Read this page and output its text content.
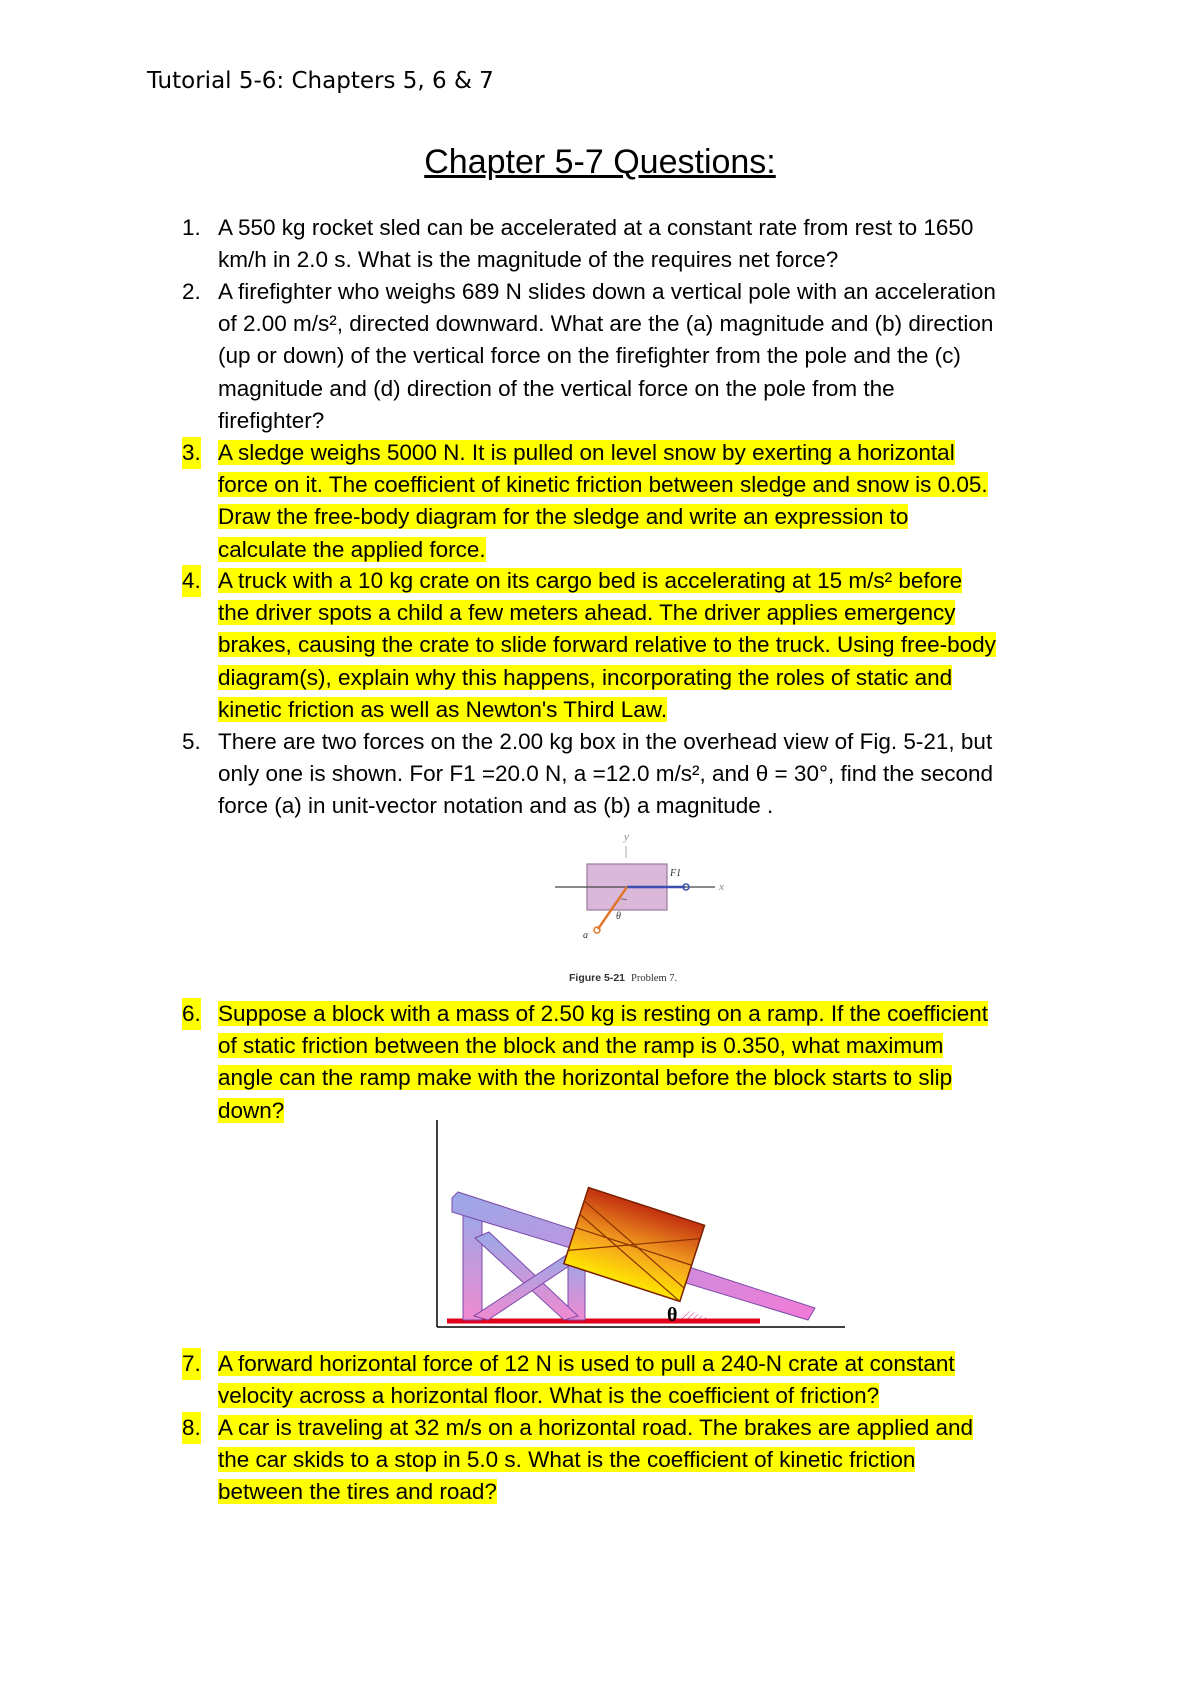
Tutorial 5-6: Chapters 5, 6 & 7
Chapter 5-7 Questions:
1. A 550 kg rocket sled can be accelerated at a constant rate from rest to 1650
km/h in 2.0 s. What is the magnitude of the requires net force?
2. A firefighter who weighs 689 N slides down a vertical pole with an acceleration
of 2.00 m/s², directed downward. What are the (a) magnitude and (b) direction
(up or down) of the vertical force on the firefighter from the pole and the (c)
magnitude and (d) direction of the vertical force on the pole from the
firefighter?
3. A sledge weighs 5000 N. It is pulled on level snow by exerting a horizontal
force on it. The coefficient of kinetic friction between sledge and snow is 0.05.
Draw the free-body diagram for the sledge and write an expression to
calculate the applied force.
4. A truck with a 10 kg crate on its cargo bed is accelerating at 15 m/s² before
the driver spots a child a few meters ahead. The driver applies emergency
brakes, causing the crate to slide forward relative to the truck. Using free-body
diagram(s), explain why this happens, incorporating the roles of static and
kinetic friction as well as Newton's Third Law.
5. There are two forces on the 2.00 kg box in the overhead view of Fig. 5-21, but
only one is shown. For F1 =20.0 N, a =12.0 m/s², and θ = 30°, find the second
force (a) in unit-vector notation and as (b) a magnitude .
6. Suppose a block with a mass of 2.50 kg is resting on a ramp. If the coefficient
of static friction between the block and the ramp is 0.350, what maximum
angle can the ramp make with the horizontal before the block starts to slip
down?
7. A forward horizontal force of 12 N is used to pull a 240-N crate at constant
velocity across a horizontal floor. What is the coefficient of friction?
8. A car is traveling at 32 m/s on a horizontal road. The brakes are applied and
the car skids to a stop in 5.0 s. What is the coefficient of kinetic friction
between the tires and road?
y
F1
x
θ
a
Figure 5-21 Problem 7.
θ
